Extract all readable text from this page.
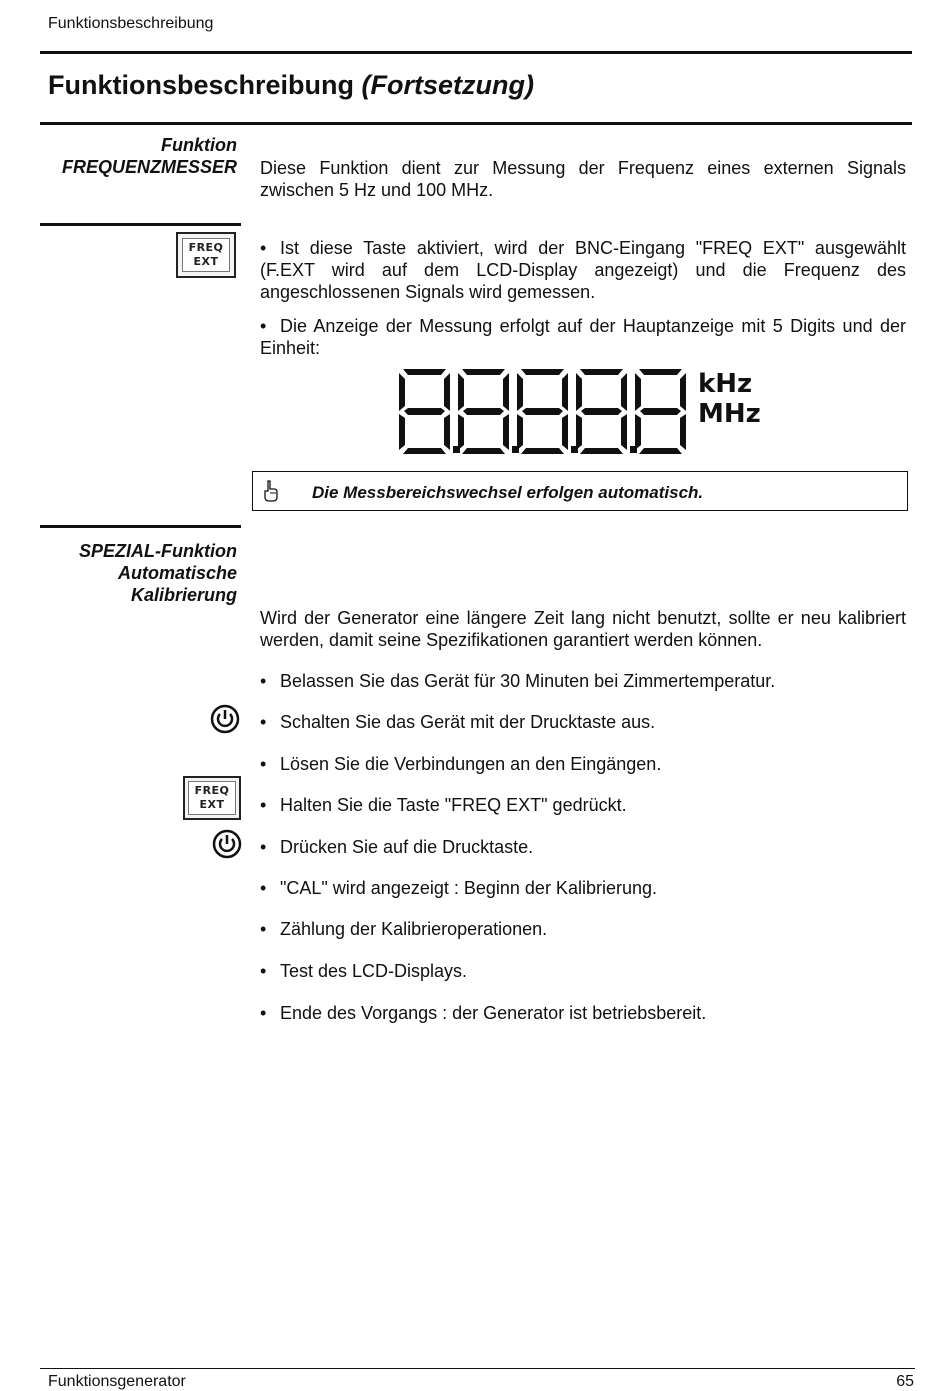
Funktionsbeschreibung
Funktionsbeschreibung (Fortsetzung)
Funktion
FREQUENZMESSER Diese Funktion dient zur Messung der Frequenz eines externen Signals zwischen 5 Hz und 100 MHz.
FREQ
EXT
• Ist diese Taste aktiviert, wird der BNC-Eingang "FREQ EXT" ausgewählt (F.EXT wird auf dem LCD-Display angezeigt) und die Frequenz des angeschlossenen Signals wird gemessen.
• Die Anzeige der Messung erfolgt auf der Hauptanzeige mit 5 Digits und der Einheit:
kHz
MHz
Die Messbereichswechsel erfolgen automatisch.
SPEZIAL-Funktion
Automatische
Kalibrierung
Wird der Generator eine längere Zeit lang nicht benutzt, sollte er neu kalibriert werden, damit seine Spezifikationen garantiert werden können.
• Belassen Sie das Gerät für 30 Minuten bei Zimmertemperatur.
• Schalten Sie das Gerät mit der Drucktaste aus.
• Lösen Sie die Verbindungen an den Eingängen.
FREQ
EXT • Halten Sie die Taste "FREQ EXT" gedrückt.
• Drücken Sie auf die Drucktaste.
• "CAL" wird angezeigt : Beginn der Kalibrierung.
• Zählung der Kalibrieroperationen.
• Test des LCD-Displays.
• Ende des Vorgangs : der Generator ist betriebsbereit.
Funktionsgenerator	65
